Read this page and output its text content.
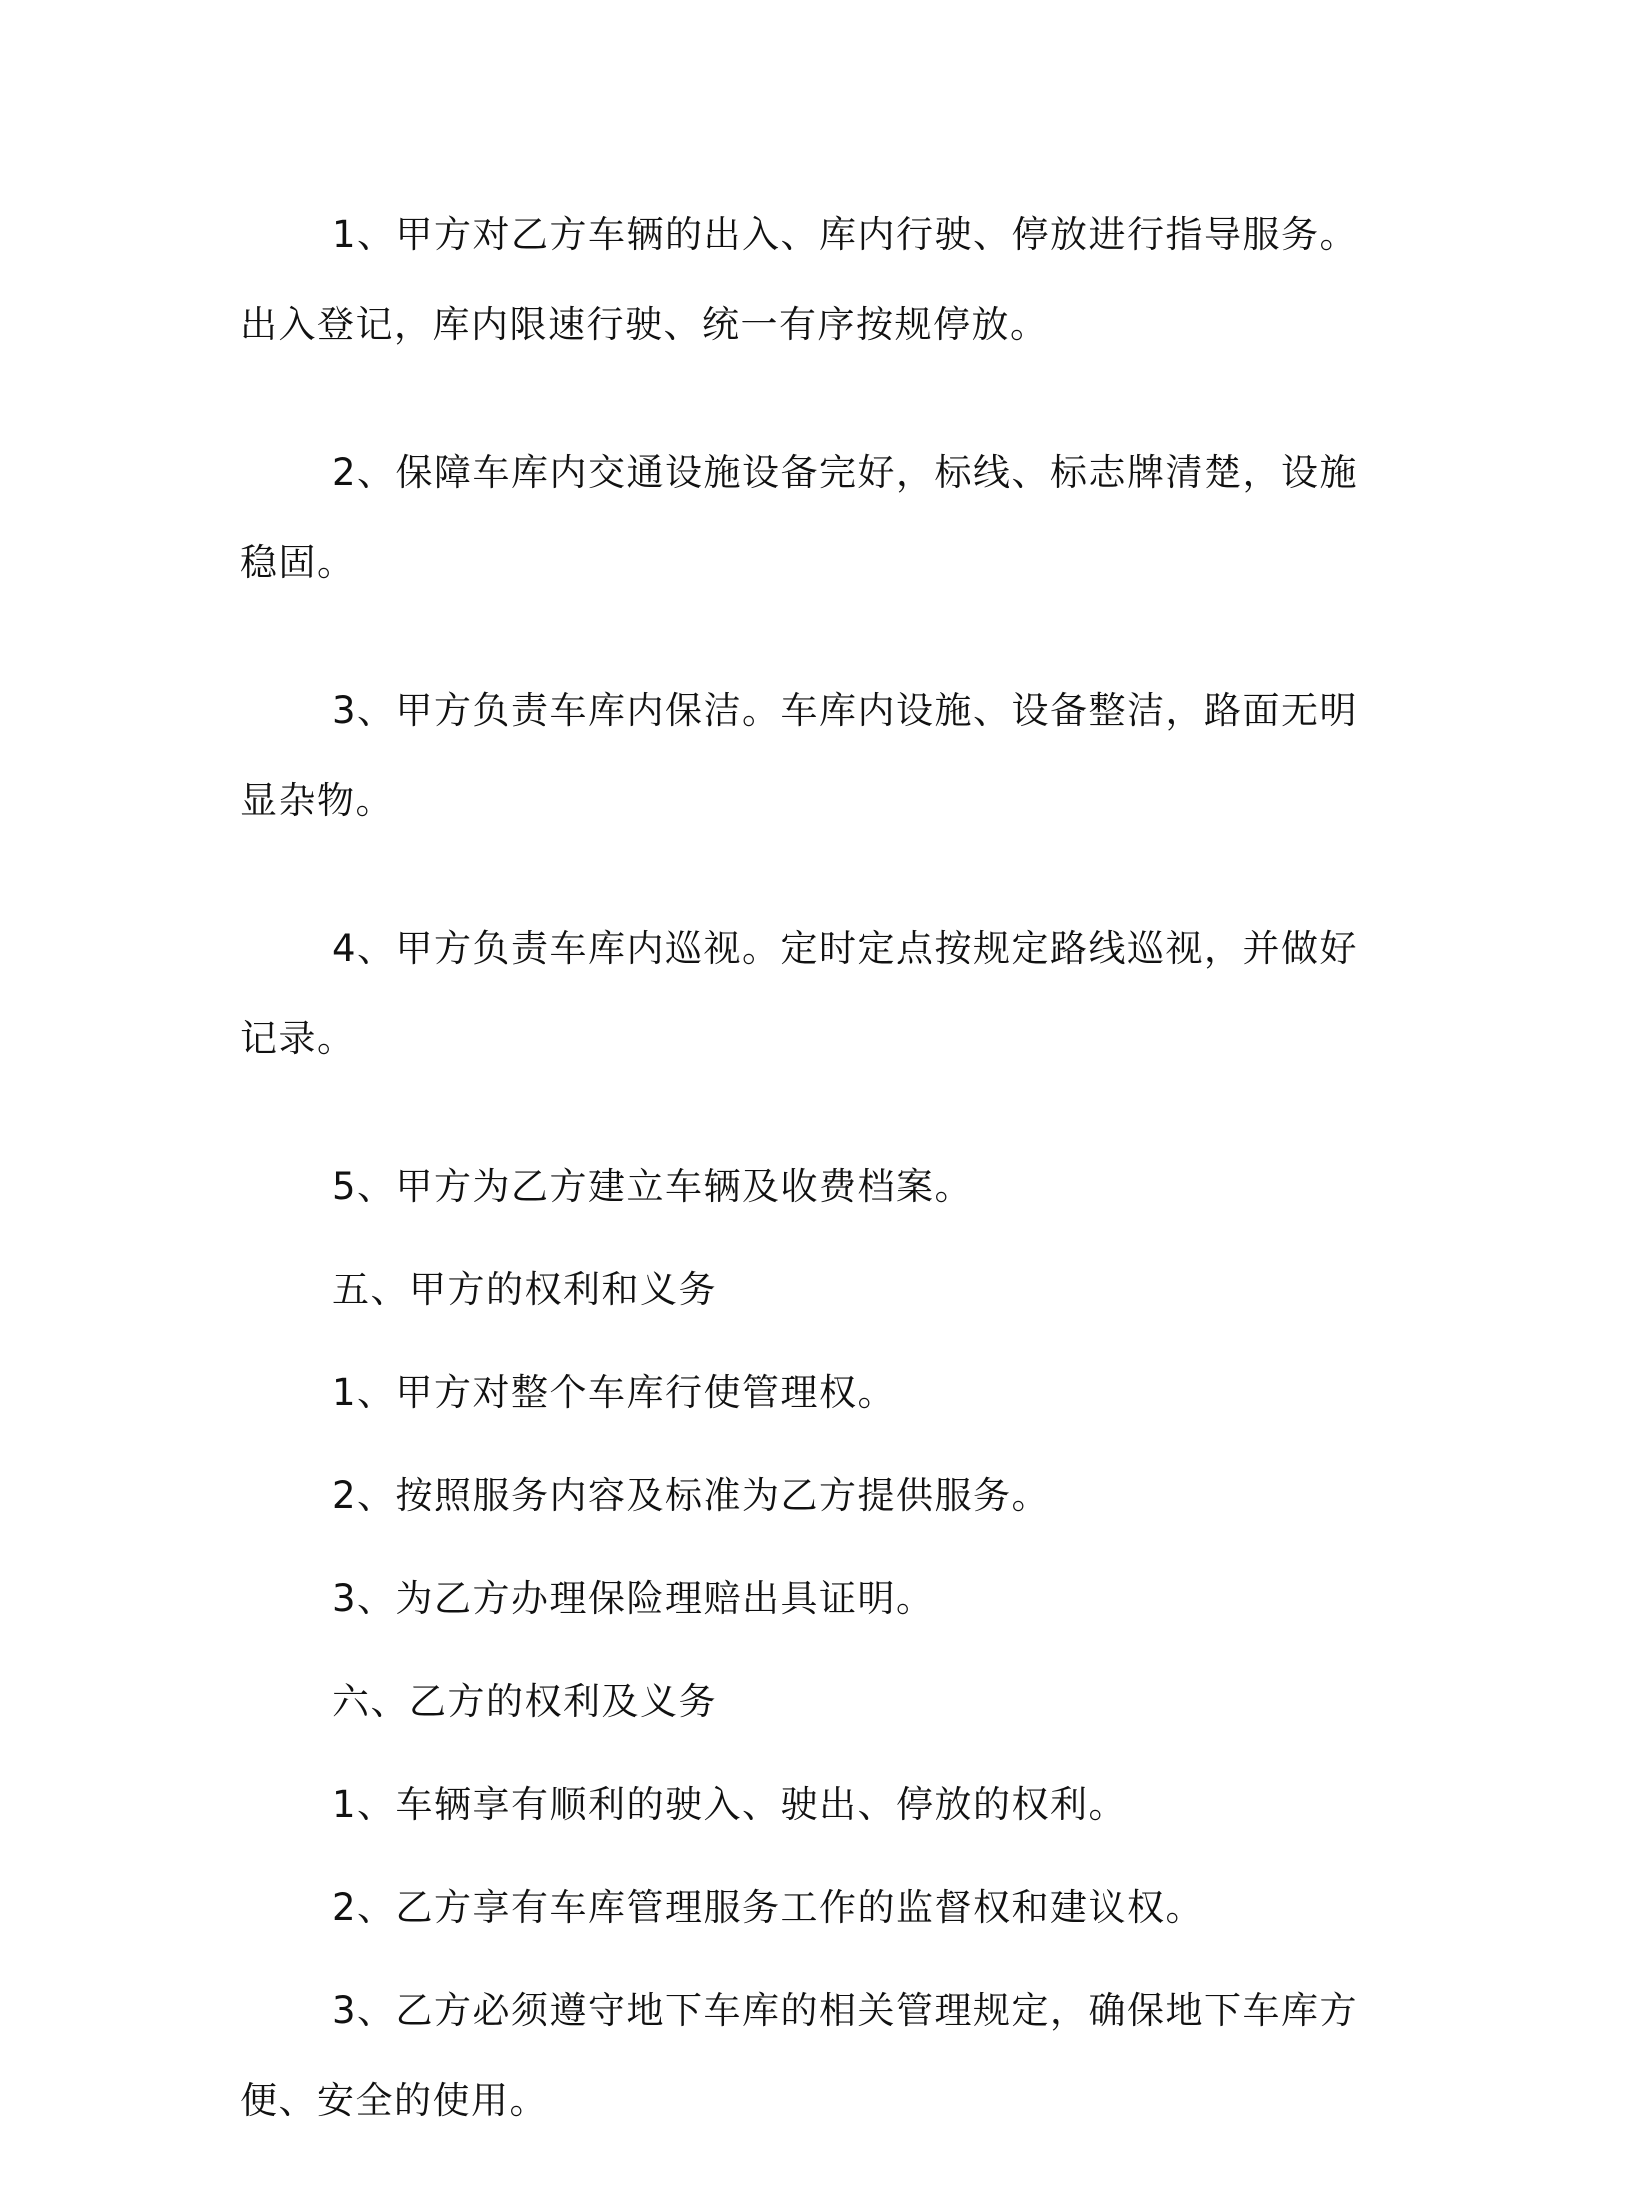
1、甲方对乙方车辆的出入、库内行驶、停放进行指导服务。出入登记，库内限速行驶、统一有序按规停放。

2、保障车库内交通设施设备完好，标线、标志牌清楚，设施稳固。

3、甲方负责车库内保洁。车库内设施、设备整洁，路面无明显杂物。

4、甲方负责车库内巡视。定时定点按规定路线巡视，并做好记录。

5、甲方为乙方建立车辆及收费档案。

五、甲方的权利和义务

1、甲方对整个车库行使管理权。

2、按照服务内容及标准为乙方提供服务。

3、为乙方办理保险理赔出具证明。

六、乙方的权利及义务

1、车辆享有顺利的驶入、驶出、停放的权利。

2、乙方享有车库管理服务工作的监督权和建议权。

3、乙方必须遵守地下车库的相关管理规定，确保地下车库方便、安全的使用。
